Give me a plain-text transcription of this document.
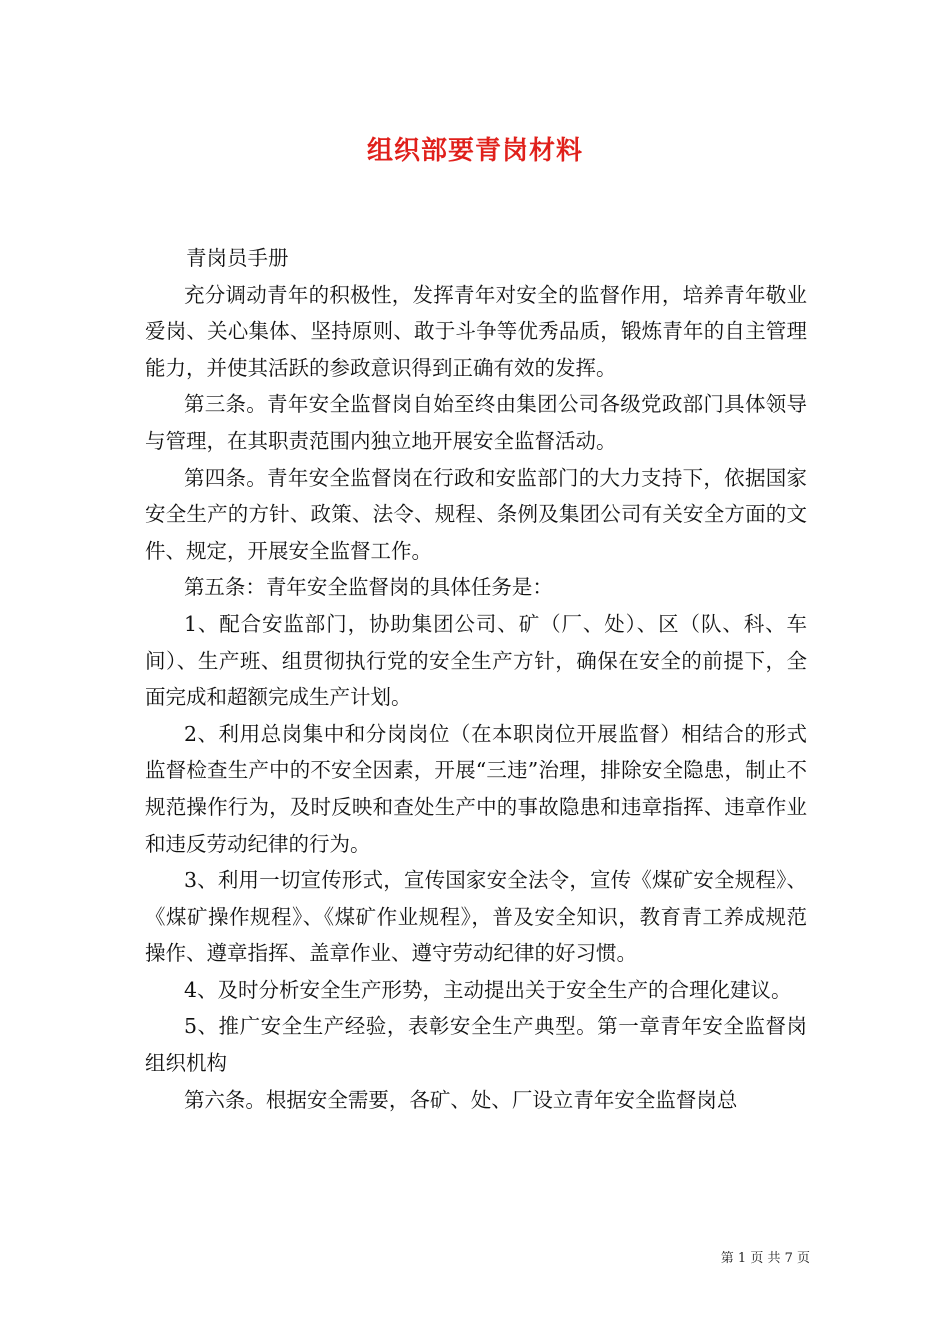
组织部要青岗材料

青岗员手册

充分调动青年的积极性，发挥青年对安全的监督作用，培养青年敬业爱岗、关心集体、坚持原则、敢于斗争等优秀品质，锻炼青年的自主管理能力，并使其活跃的参政意识得到正确有效的发挥。

第三条。青年安全监督岗自始至终由集团公司各级党政部门具体领导与管理，在其职责范围内独立地开展安全监督活动。

第四条。青年安全监督岗在行政和安监部门的大力支持下，依据国家安全生产的方针、政策、法令、规程、条例及集团公司有关安全方面的文件、规定，开展安全监督工作。

第五条：青年安全监督岗的具体任务是：

1、配合安监部门，协助集团公司、矿（厂、处）、区（队、科、车间）、生产班、组贯彻执行党的安全生产方针，确保在安全的前提下，全面完成和超额完成生产计划。

2、利用总岗集中和分岗岗位（在本职岗位开展监督）相结合的形式监督检查生产中的不安全因素，开展“三违”治理，排除安全隐患，制止不规范操作行为，及时反映和查处生产中的事故隐患和违章指挥、违章作业和违反劳动纪律的行为。

3、利用一切宣传形式，宣传国家安全法令，宣传《煤矿安全规程》、《煤矿操作规程》、《煤矿作业规程》，普及安全知识，教育青工养成规范操作、遵章指挥、盖章作业、遵守劳动纪律的好习惯。

4、及时分析安全生产形势，主动提出关于安全生产的合理化建议。

5、推广安全生产经验，表彰安全生产典型。第一章青年安全监督岗组织机构

第六条。根据安全需要，各矿、处、厂设立青年安全监督岗总

第 1 页 共 7 页
